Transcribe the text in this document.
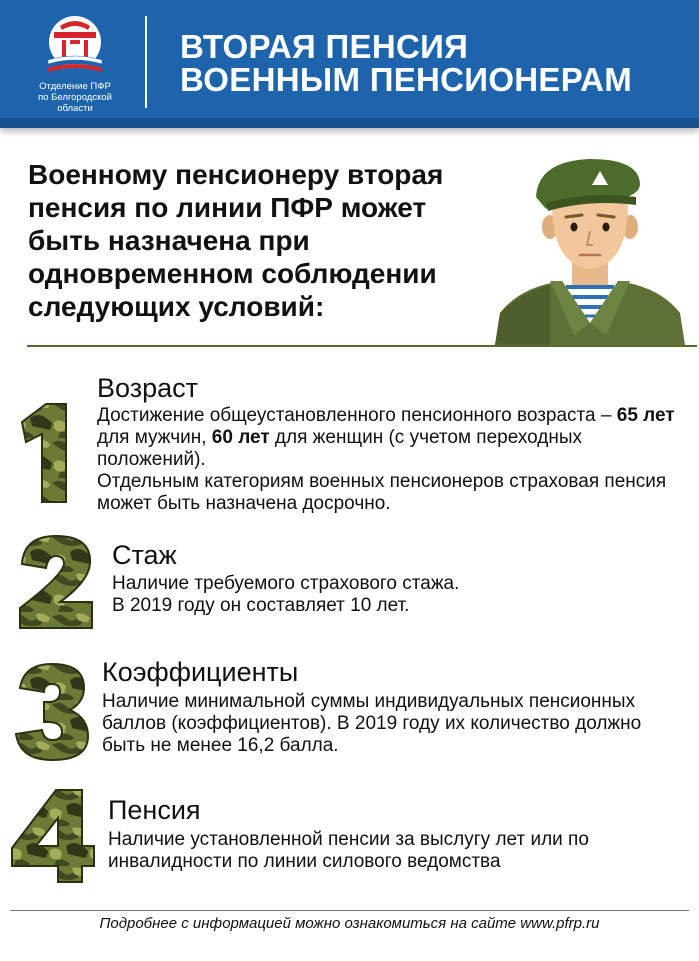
Отделение ПФР
по Белгородской области
ВТОРАЯ ПЕНСИЯ
ВОЕННЫМ ПЕНСИОНЕРАМ
Военному пенсионеру вторая
пенсия по линии ПФР может
быть назначена при
одновременном соблюдении
следующих условий:
Возраст

Достижение общеустановленного пенсионного возраста – 65 лет для мужчин, 60 лет для женщин (с учетом переходных положений).

Отдельным категориям военных пенсионеров страховая пенсия может быть назначена досрочно.

Стаж

Наличие требуемого страхового стажа.

В 2019 году он составляет 10 лет.

Коэффициенты

Наличие минимальной суммы индивидуальных пенсионных баллов (коэффициентов). В 2019 году их количество должно быть не менее 16,2 балла.

Пенсия

Наличие установленной пенсии за выслугу лет или по инвалидности по линии силового ведомства

Подробнее с информацией можно ознакомиться на сайте www.pfrp.ru
